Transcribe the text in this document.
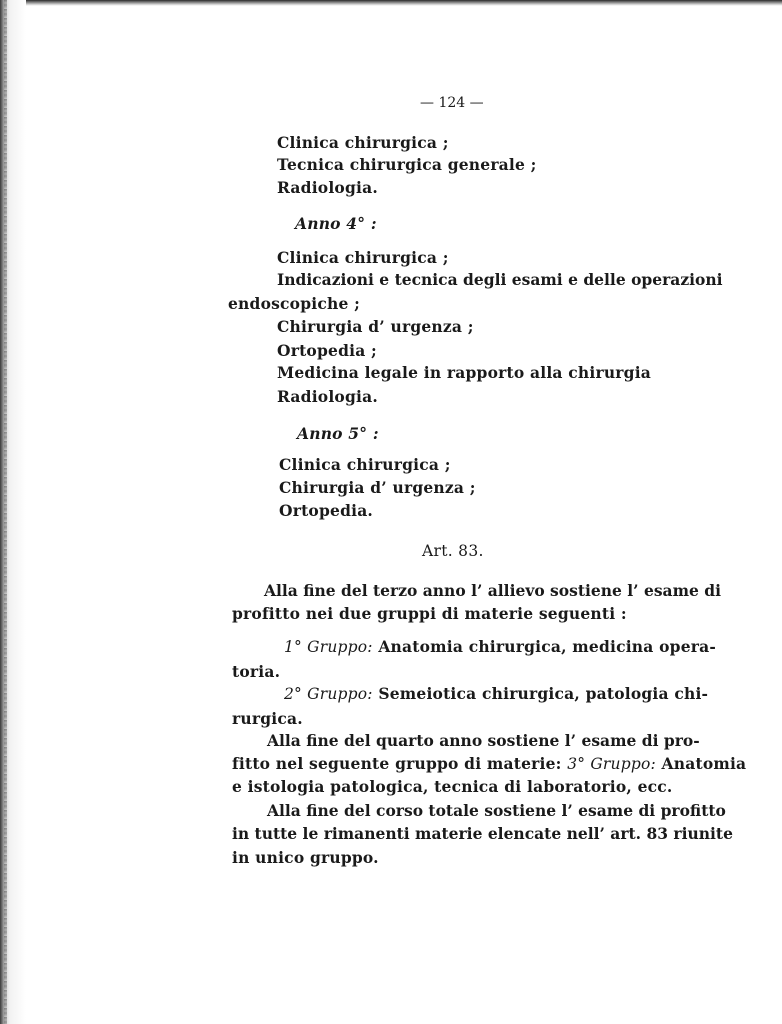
— 124 —
Clinica chirurgica ;
Tecnica chirurgica generale ;
Radiologia.
Anno 4° :
Clinica chirurgica ;
Indicazioni e tecnica degli esami e delle operazioni
endoscopiche ;
Chirurgia d’ urgenza ;
Ortopedia ;
Medicina legale in rapporto alla chirurgia
Radiologia.
Anno 5° :
Clinica chirurgica ;
Chirurgia d’ urgenza ;
Ortopedia.
Art. 83.
Alla fine del terzo anno l’ allievo sostiene l’ esame di
profitto nei due gruppi di materie seguenti :
1° Gruppo: Anatomia chirurgica, medicina opera-
toria.
2° Gruppo: Semeiotica chirurgica, patologia chi-
rurgica.
Alla fine del quarto anno sostiene l’ esame di pro-
fitto nel seguente gruppo di materie: 3° Gruppo: Anatomia
e istologia patologica, tecnica di laboratorio, ecc.
Alla fine del corso totale sostiene l’ esame di profitto
in tutte le rimanenti materie elencate nell’ art. 83 riunite
in unico gruppo.
